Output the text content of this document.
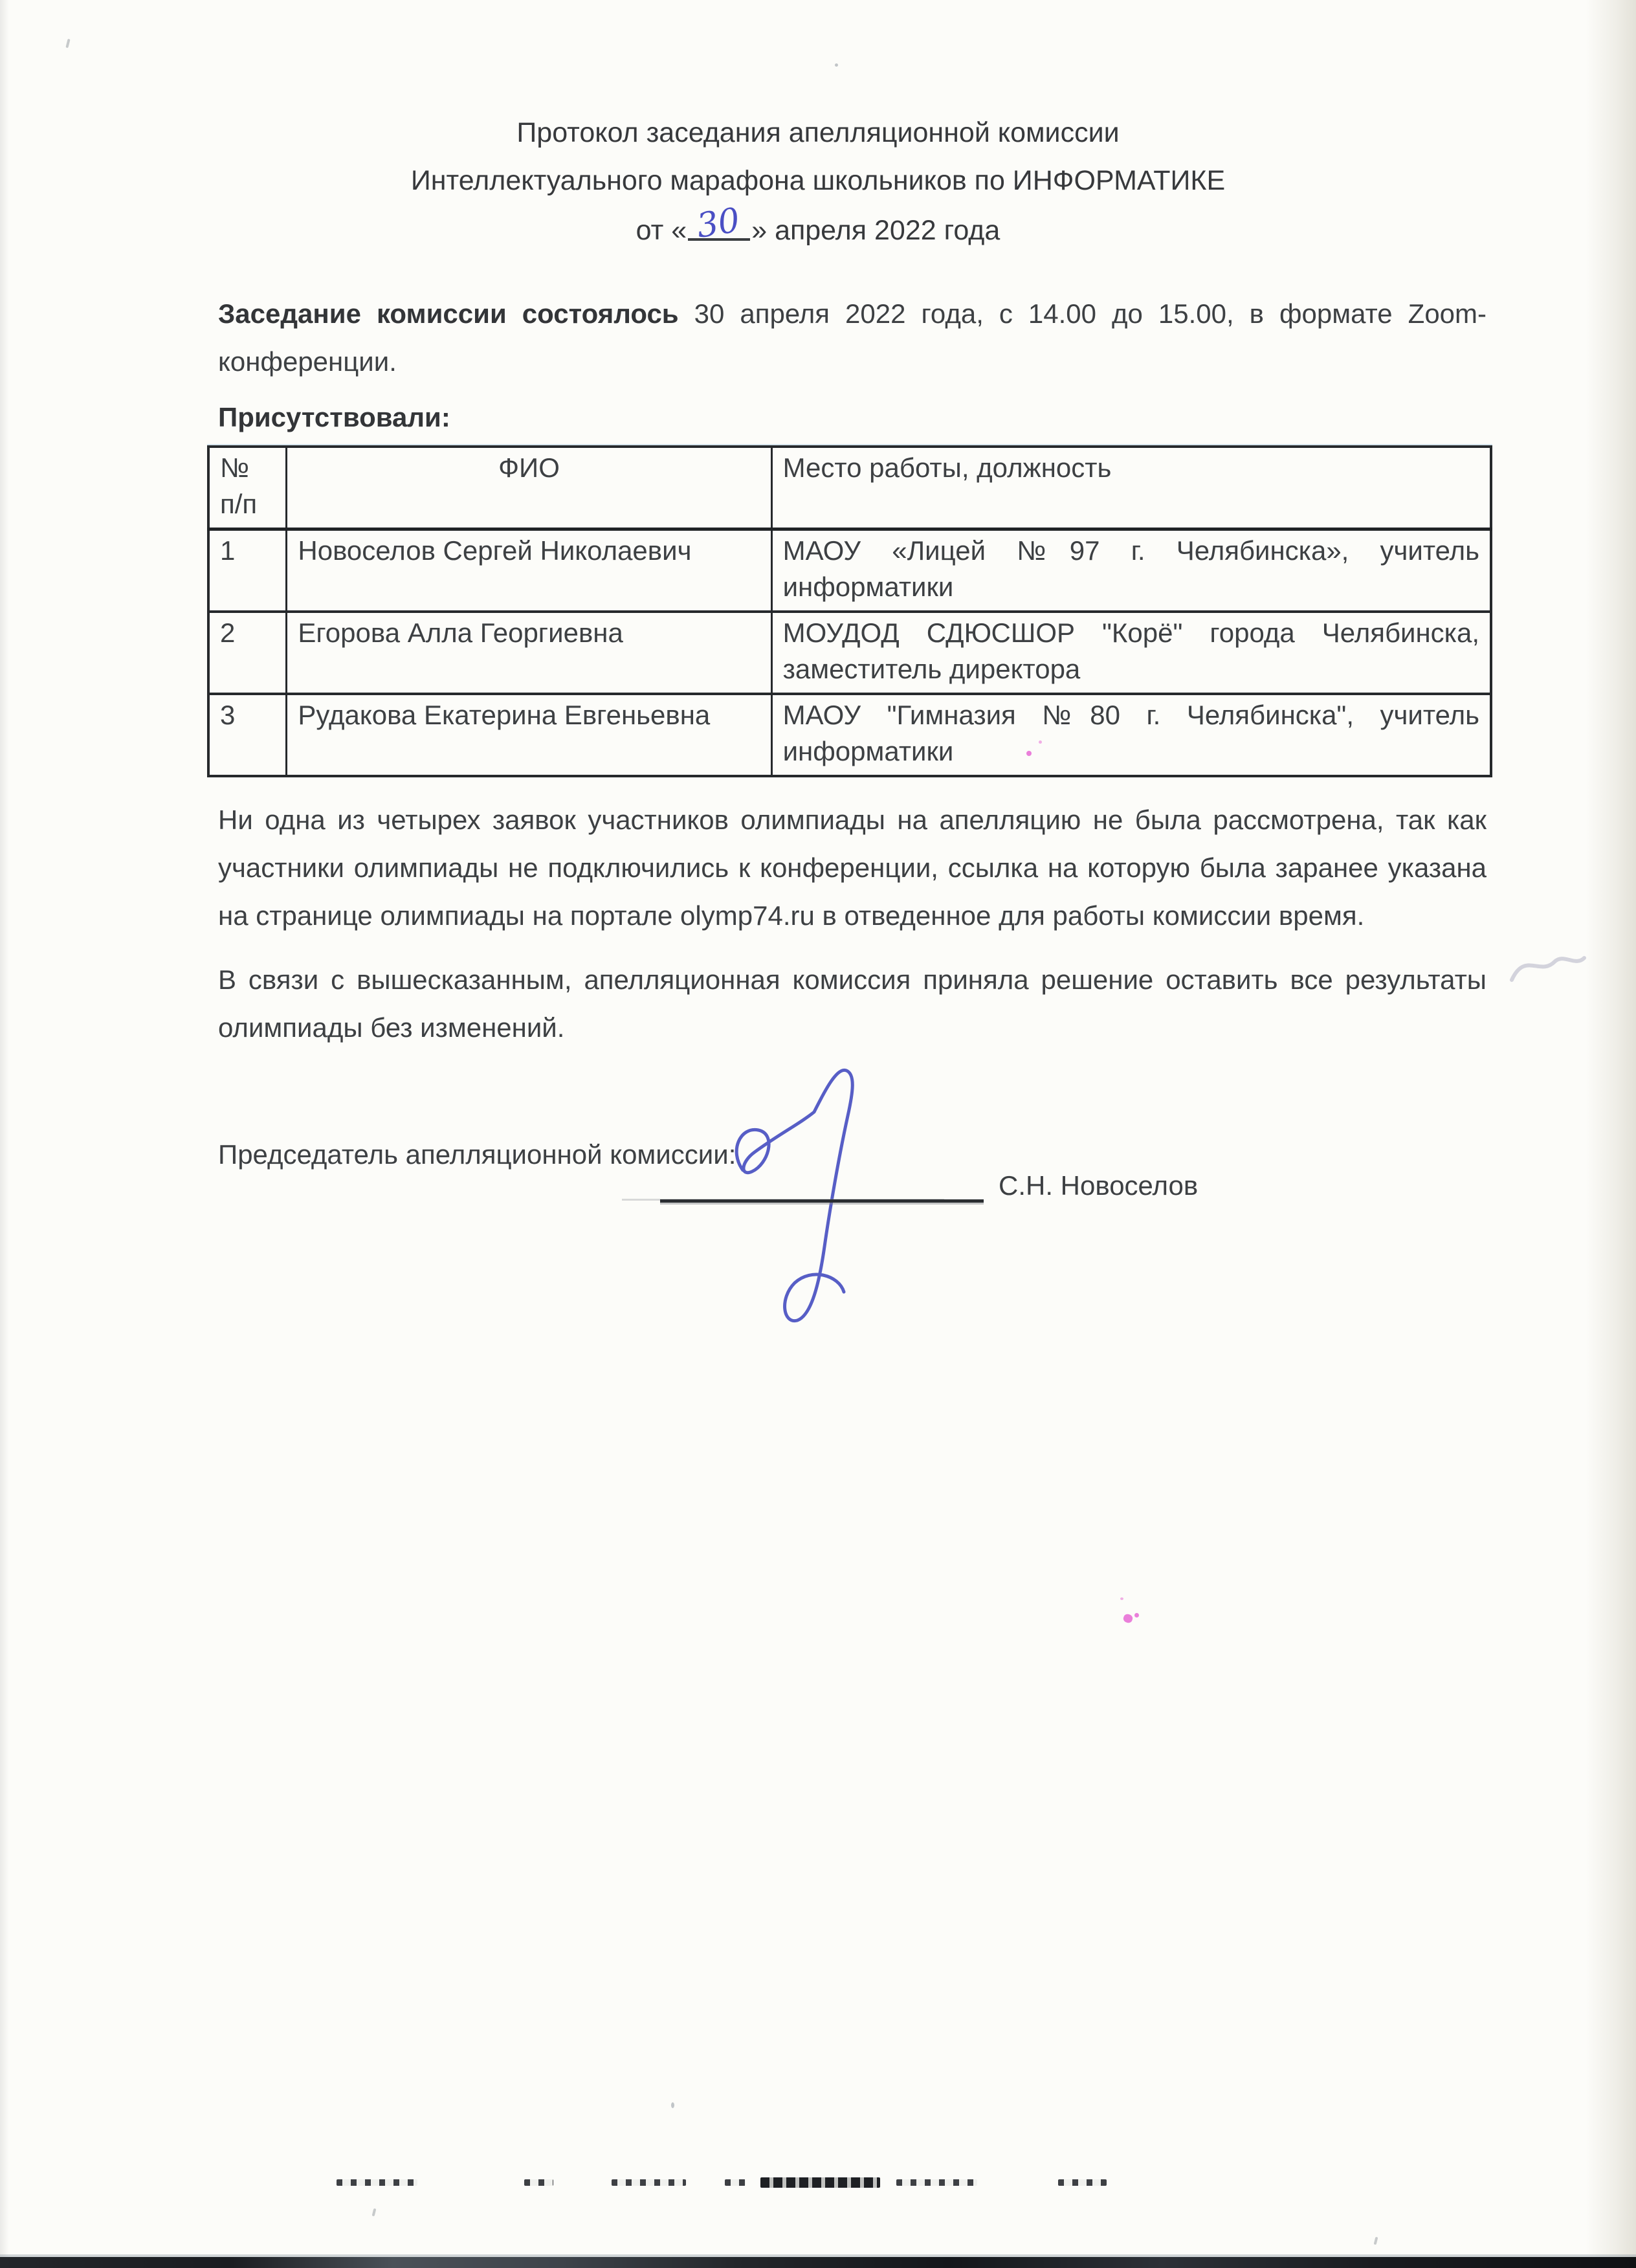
Протокол заседания апелляционной комиссии
Интеллектуального марафона школьников по ИНФОРМАТИКЕ
от « 30 » апреля 2022 года

Заседание комиссии состоялось 30 апреля 2022 года, с 14.00 до 15.00, в формате Zoom-конференции.

Присутствовали:

№ п/п	ФИО	Место работы, должность
1	Новоселов Сергей Николаевич	МАОУ «Лицей №97 г. Челябинска», учитель информатики
2	Егорова Алла Георгиевна	МОУДОД СДЮСШОР "Корё" города Челябинска, заместитель директора
3	Рудакова Екатерина Евгеньевна	МАОУ "Гимназия №80 г. Челябинска", учитель информатики

Ни одна из четырех заявок участников олимпиады на апелляцию не была рассмотрена, так как участники олимпиады не подключились к конференции, ссылка на которую была заранее указана на странице олимпиады на портале olymp74.ru в отведенное для работы комиссии время.

В связи с вышесказанным, апелляционная комиссия приняла решение оставить все результаты олимпиады без изменений.

Председатель апелляционной комиссии:

С.Н. Новоселов
